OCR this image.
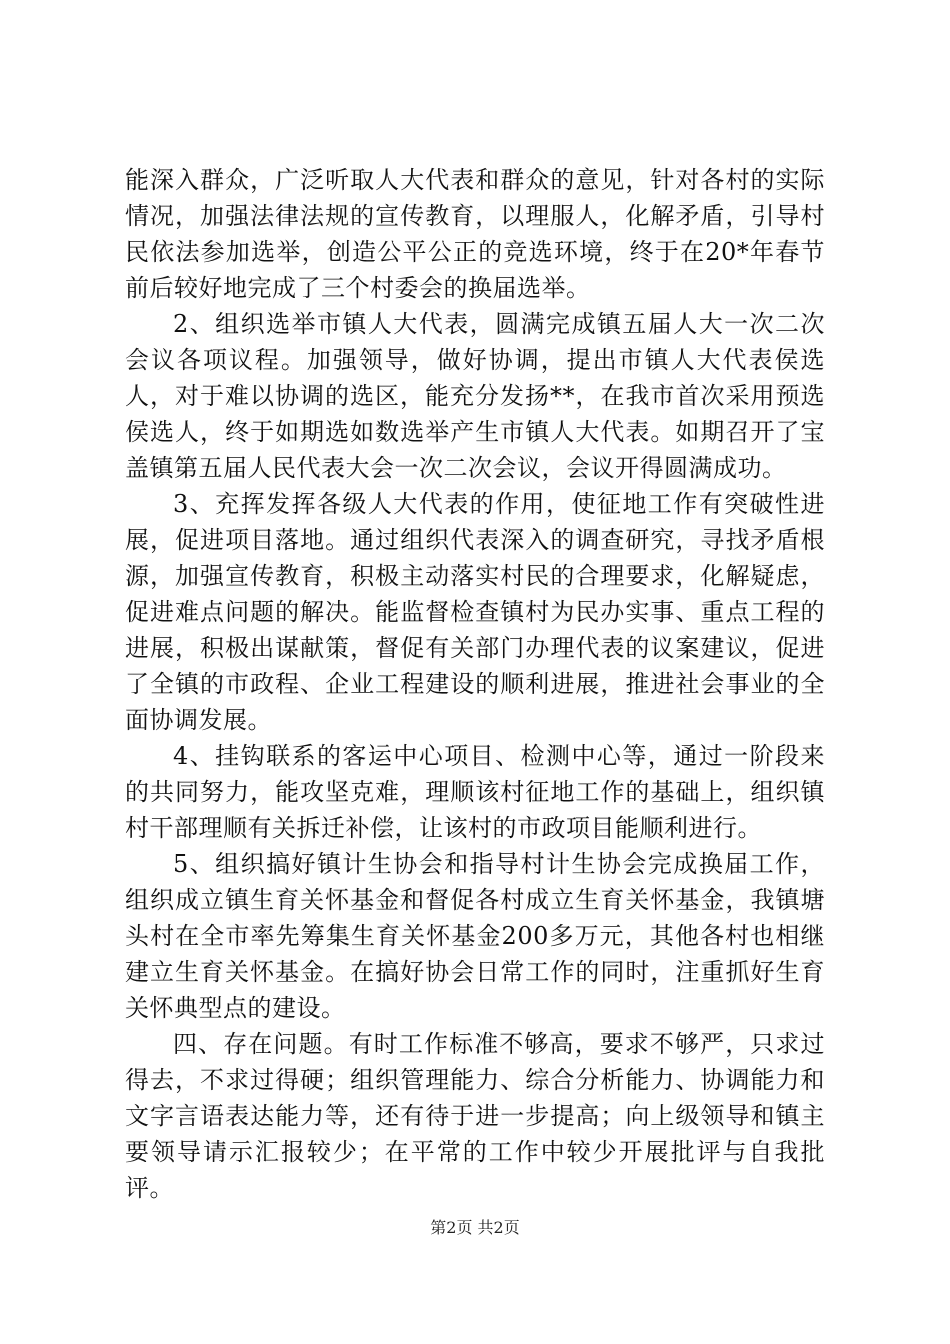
能深入群众，广泛听取人大代表和群众的意见，针对各村的实际情况，加强法律法规的宣传教育，以理服人，化解矛盾，引导村民依法参加选举，创造公平公正的竞选环境，终于在20*年春节前后较好地完成了三个村委会的换届选举。

2、组织选举市镇人大代表，圆满完成镇五届人大一次二次会议各项议程。加强领导，做好协调，提出市镇人大代表侯选人，对于难以协调的选区，能充分发扬**，在我市首次采用预选侯选人，终于如期选如数选举产生市镇人大代表。如期召开了宝盖镇第五届人民代表大会一次二次会议，会议开得圆满成功。

3、充挥发挥各级人大代表的作用，使征地工作有突破性进展，促进项目落地。通过组织代表深入的调查研究，寻找矛盾根源，加强宣传教育，积极主动落实村民的合理要求，化解疑虑，促进难点问题的解决。能监督检查镇村为民办实事、重点工程的进展，积极出谋献策，督促有关部门办理代表的议案建议，促进了全镇的市政程、企业工程建设的顺利进展，推进社会事业的全面协调发展。

4、挂钩联系的客运中心项目、检测中心等，通过一阶段来的共同努力，能攻坚克难，理顺该村征地工作的基础上，组织镇村干部理顺有关拆迁补偿，让该村的市政项目能顺利进行。

5、组织搞好镇计生协会和指导村计生协会完成换届工作，组织成立镇生育关怀基金和督促各村成立生育关怀基金，我镇塘头村在全市率先筹集生育关怀基金200多万元，其他各村也相继建立生育关怀基金。在搞好协会日常工作的同时，注重抓好生育关怀典型点的建设。

四、存在问题。有时工作标准不够高，要求不够严，只求过得去，不求过得硬；组织管理能力、综合分析能力、协调能力和文字言语表达能力等，还有待于进一步提高；向上级领导和镇主要领导请示汇报较少；在平常的工作中较少开展批评与自我批评。

第2页 共2页
